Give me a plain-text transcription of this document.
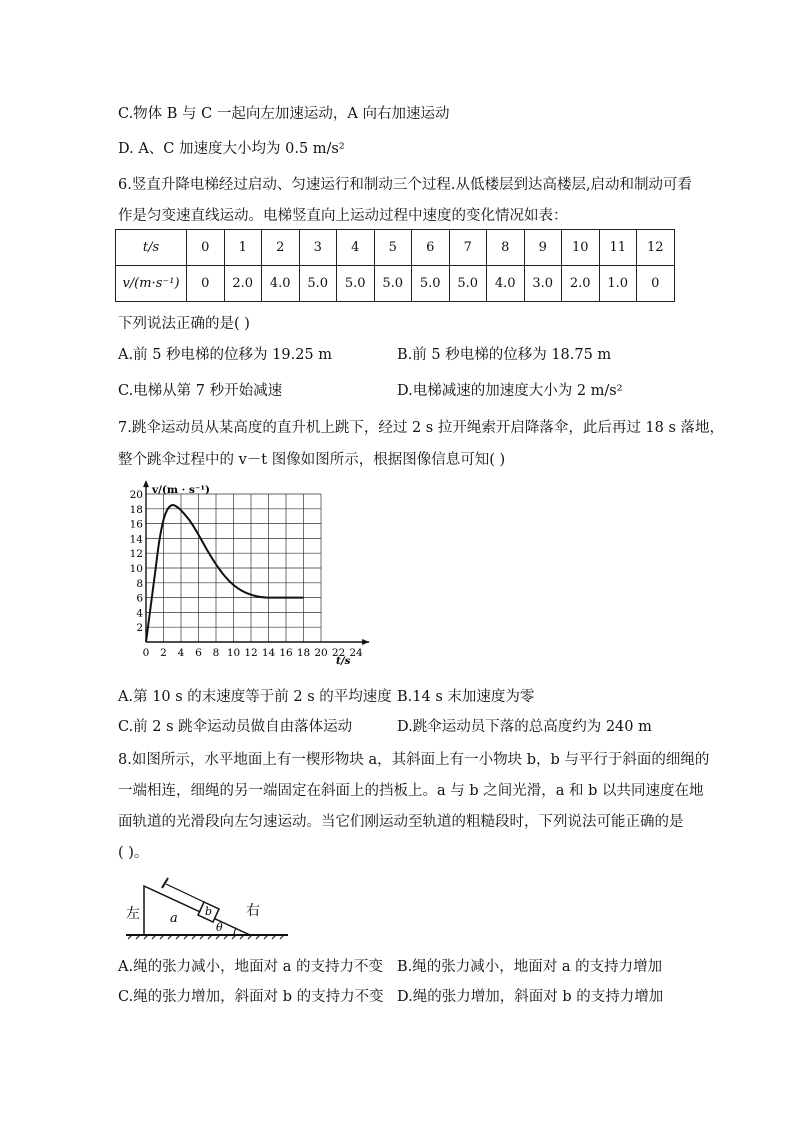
C.物体 B 与 C 一起向左加速运动，A 向右加速运动
D. A、C 加速度大小均为 0.5 m/s²
6.竖直升降电梯经过启动、匀速运行和制动三个过程.从低楼层到达高楼层,启动和制动可看
作是匀变速直线运动。电梯竖直向上运动过程中速度的变化情况如表：
t/s	0	1	2	3	4	5	6	7	8	9	10	11	12
v/(m·s⁻¹)	0	2.0	4.0	5.0	5.0	5.0	5.0	5.0	4.0	3.0	2.0	1.0	0
下列说法正确的是( )
A.前 5 秒电梯的位移为 19.25 m	B.前 5 秒电梯的位移为 18.75 m
C.电梯从第 7 秒开始减速	D.电梯减速的加速度大小为 2 m/s²
7.跳伞运动员从某高度的直升机上跳下，经过 2 s 拉开绳索开启降落伞，此后再过 18 s 落地，
整个跳伞过程中的 v－t 图像如图所示，根据图像信息可知( )
0 2 4 6 8 10 12 14 16 18 20 22 24
2
4
6
8
10
12
14
16
18
20 v/(m · s⁻¹)
t/s
A.第 10 s 的末速度等于前 2 s 的平均速度 B.14 s 末加速度为零
C.前 2 s 跳伞运动员做自由落体运动	D.跳伞运动员下落的总高度约为 240 m
8.如图所示，水平地面上有一楔形物块 a，其斜面上有一小物块 b，b 与平行于斜面的细绳的
一端相连，细绳的另一端固定在斜面上的挡板上。a 与 b 之间光滑，a 和 b 以共同速度在地
面轨道的光滑段向左匀速运动。当它们刚运动至轨道的粗糙段时，下列说法可能正确的是
( )。
左	右
a b
θ
A.绳的张力减小，地面对 a 的支持力不变 B.绳的张力减小，地面对 a 的支持力增加
C.绳的张力增加，斜面对 b 的支持力不变 D.绳的张力增加，斜面对 b 的支持力增加
